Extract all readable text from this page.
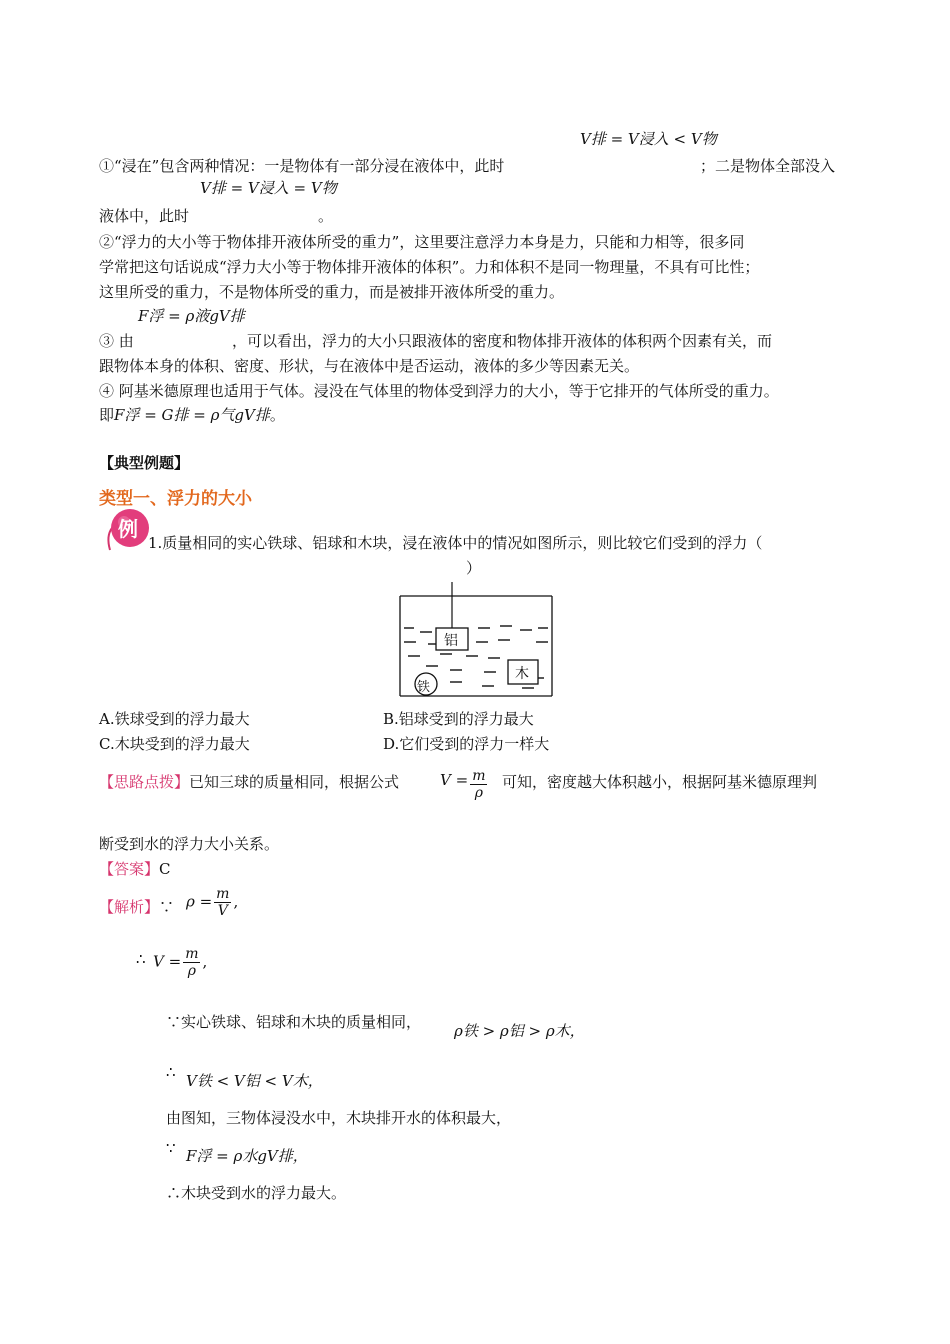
V排 = V浸入 < V物
①“浸在”包含两种情况：一是物体有一部分浸在液体中，此时	；二是物体全部没入
V排 = V浸入 = V物
液体中，此时	。
②“浮力的大小等于物体排开液体所受的重力”，这里要注意浮力本身是力，只能和力相等，很多同
学常把这句话说成“浮力大小等于物体排开液体的体积”。力和体积不是同一物理量，不具有可比性；
这里所受的重力，不是物体所受的重力，而是被排开液体所受的重力。
F浮 = ρ液gV排
③ 由	，可以看出，浮力的大小只跟液体的密度和物体排开液体的体积两个因素有关，而
跟物体本身的体积、密度、形状，与在液体中是否运动，液体的多少等因素无关。
④ 阿基米德原理也适用于气体。浸没在气体里的物体受到浮力的大小，等于它排开的气体所受的重力。
即F浮 = G排 = ρ气gV排。
【典型例题】
类型一、浮力的大小
例
1.质量相同的实心铁球、铝球和木块，浸在液体中的情况如图所示，则比较它们受到的浮力（
）
铝
木
铁
A.铁球受到的浮力最大	B.铝球受到的浮力最大
C.木块受到的浮力最大	D.它们受到的浮力一样大
【思路点拨】已知三球的质量相同，根据公式	$V = \frac{m}{\rho}$ 可知，密度越大体积越小，根据阿基米德原理判
断受到水的浮力大小关系。
【答案】C
【解析】∵ $\rho = \frac{m}{V}$ ,
∴ $V = \frac{m}{\rho}$ ,
∵实心铁球、铝球和木块的质量相同， ρ铁 > ρ铝 > ρ木，
∴ V铁 < V铝 < V木，
由图知，三物体浸没水中，木块排开水的体积最大，
∵ F浮 = ρ水gV排，
∴木块受到水的浮力最大。
